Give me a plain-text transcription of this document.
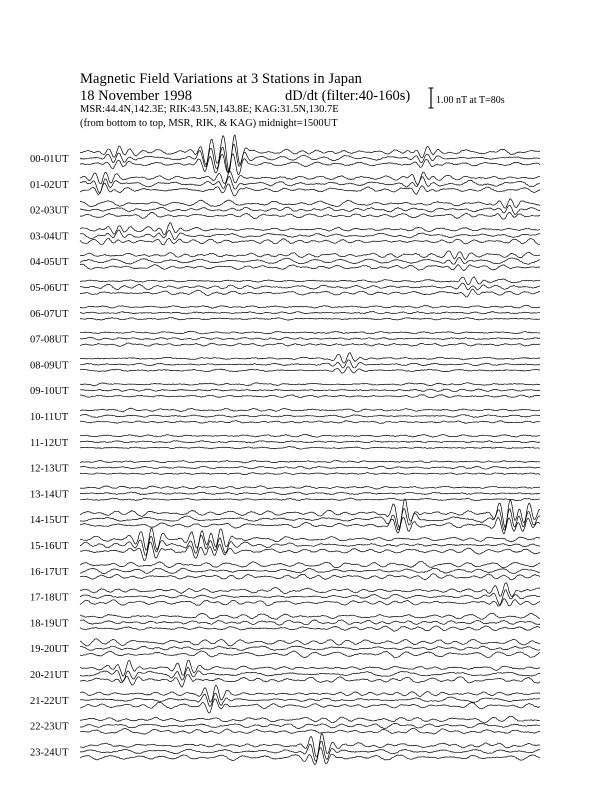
00-01UT
01-02UT
02-03UT
03-04UT
04-05UT
05-06UT
06-07UT
07-08UT
08-09UT
09-10UT
10-11UT
11-12UT
12-13UT
13-14UT
14-15UT
15-16UT
16-17UT
17-18UT
18-19UT
19-20UT
20-21UT
21-22UT
22-23UT
23-24UT
Magnetic Field Variations at 3 Stations in Japan
18 November 1998	dD/dt (filter:40-160s)
MSR:44.4N,142.3E; RIK:43.5N,143.8E; KAG:31.5N,130.7E
(from bottom to top, MSR, RIK, & KAG) midnight=1500UT
1.00 nT at T=80s
